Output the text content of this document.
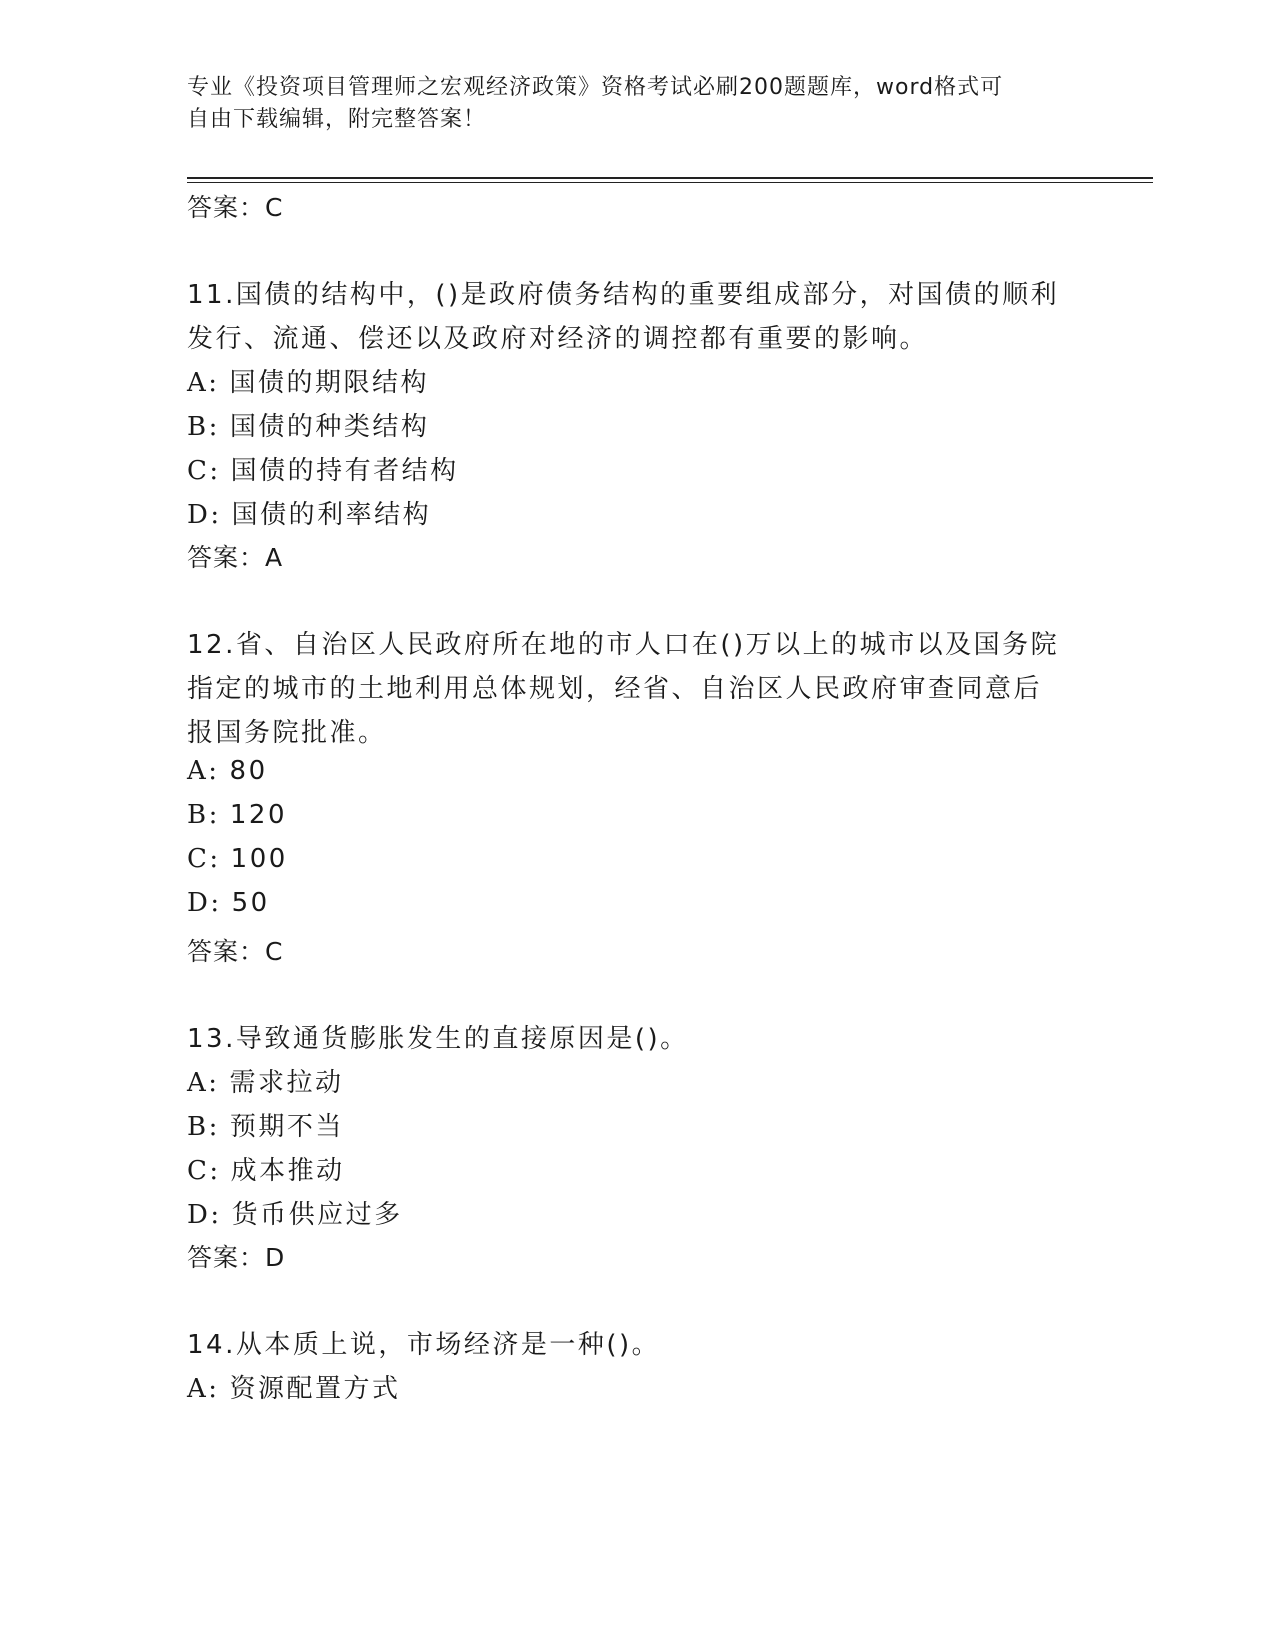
专业《投资项目管理师之宏观经济政策》资格考试必刷200题题库，word格式可
自由下载编辑，附完整答案！
答案：C
11.国债的结构中，()是政府债务结构的重要组成部分，对国债的顺利
发行、流通、偿还以及政府对经济的调控都有重要的影响。
A: 国债的期限结构
B: 国债的种类结构
C: 国债的持有者结构
D: 国债的利率结构
答案：A
12.省、自治区人民政府所在地的市人口在()万以上的城市以及国务院
指定的城市的土地利用总体规划，经省、自治区人民政府审查同意后
报国务院批准。
A: 80
B: 120
C: 100
D: 50
答案：C
13.导致通货膨胀发生的直接原因是()。
A: 需求拉动
B: 预期不当
C: 成本推动
D: 货币供应过多
答案：D
14.从本质上说，市场经济是一种()。
A: 资源配置方式
